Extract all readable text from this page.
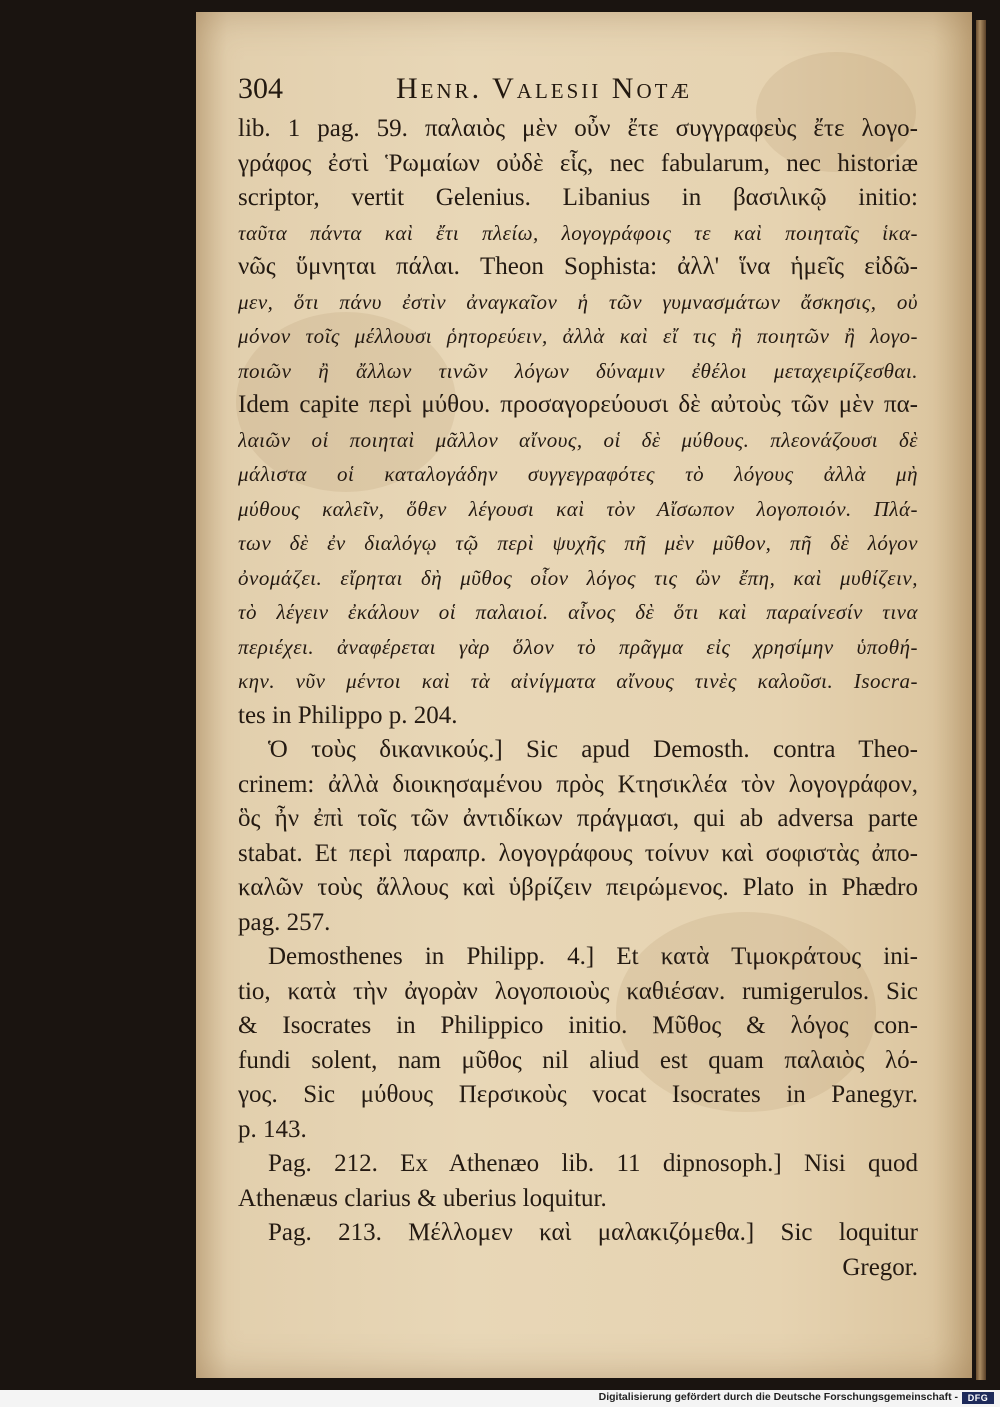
304	Henr. Valesii Notæ
lib. 1 pag. 59. παλαιὸς μὲν οὖν ἔτε συγγραφεὺς ἔτε λογο-
γράφος ἐστὶ Ῥωμαίων οὐδὲ εἷς, nec fabularum, nec historiæ
scriptor, vertit Gelenius. Libanius in βασιλικῷ initio:
ταῦτα πάντα καὶ ἔτι πλείω, λογογράφοις τε καὶ ποιηταῖς ἱκα-
νῶς ὕμνηται πάλαι. Theon Sophista: ἀλλ' ἵνα ἡμεῖς εἰδῶ-
μεν, ὅτι πάνυ ἐστὶν ἀναγκαῖον ἡ τῶν γυμνασμάτων ἄσκησις, οὐ
μόνον τοῖς μέλλουσι ῥητορεύειν, ἀλλὰ καὶ εἴ τις ἢ ποιητῶν ἢ λογο-
ποιῶν ἢ ἄλλων τινῶν λόγων δύναμιν ἐθέλοι μεταχειρίζεσθαι.
Idem capite περὶ μύθου. προσαγορεύουσι δὲ αὐτοὺς τῶν μὲν πα-
λαιῶν οἱ ποιηταὶ μᾶλλον αἴνους, οἱ δὲ μύθους. πλεονάζουσι δὲ
μάλιστα οἱ καταλογάδην συγγεγραφότες τὸ λόγους ἀλλὰ μὴ
μύθους καλεῖν, ὅθεν λέγουσι καὶ τὸν Αἴσωπον λογοποιόν. Πλά-
των δὲ ἐν διαλόγῳ τῷ περὶ ψυχῆς πῆ μὲν μῦθον, πῆ δὲ λόγον
ὀνομάζει. εἴρηται δὴ μῦθος οἷον λόγος τις ὢν ἔπη, καὶ μυθίζειν,
τὸ λέγειν ἐκάλουν οἱ παλαιοί. αἶνος δὲ ὅτι καὶ παραίνεσίν τινα
περιέχει. ἀναφέρεται γὰρ ὅλον τὸ πρᾶγμα εἰς χρησίμην ὑποθή-
κην. νῦν μέντοι καὶ τὰ αἰνίγματα αἴνους τινὲς καλοῦσι. Isocra-
tes in Philippo p. 204.
Ὁ τοὺς δικανικούς.] Sic apud Demosth. contra Theo-
crinem: ἀλλὰ διοικησαμένου πρὸς Κτησικλέα τὸν λογογράφον,
ὃς ἦν ἐπὶ τοῖς τῶν ἀντιδίκων πράγμασι, qui ab adversa parte
stabat. Et περὶ παραπρ. λογογράφους τοίνυν καὶ σοφιστὰς ἀπο-
καλῶν τοὺς ἄλλους καὶ ὑβρίζειν πειρώμενος. Plato in Phædro
pag. 257.
Demosthenes in Philipp. 4.] Et κατὰ Τιμοκράτους ini-
tio, κατὰ τὴν ἀγορὰν λογοποιοὺς καθιέσαν. rumigerulos. Sic
& Isocrates in Philippico initio. Μῦθος & λόγος con-
fundi solent, nam μῦθος nil aliud est quam παλαιὸς λό-
γος. Sic μύθους Περσικοὺς vocat Isocrates in Panegyr.
p. 143.
Pag. 212. Ex Athenæo lib. 11 dipnosoph.] Nisi quod
Athenæus clarius & uberius loquitur.
Pag. 213. Μέλλομεν καὶ μαλακιζόμεθα.] Sic loquitur
Gregor.
Digitalisierung gefördert durch die Deutsche Forschungsgemeinschaft -	DFG
